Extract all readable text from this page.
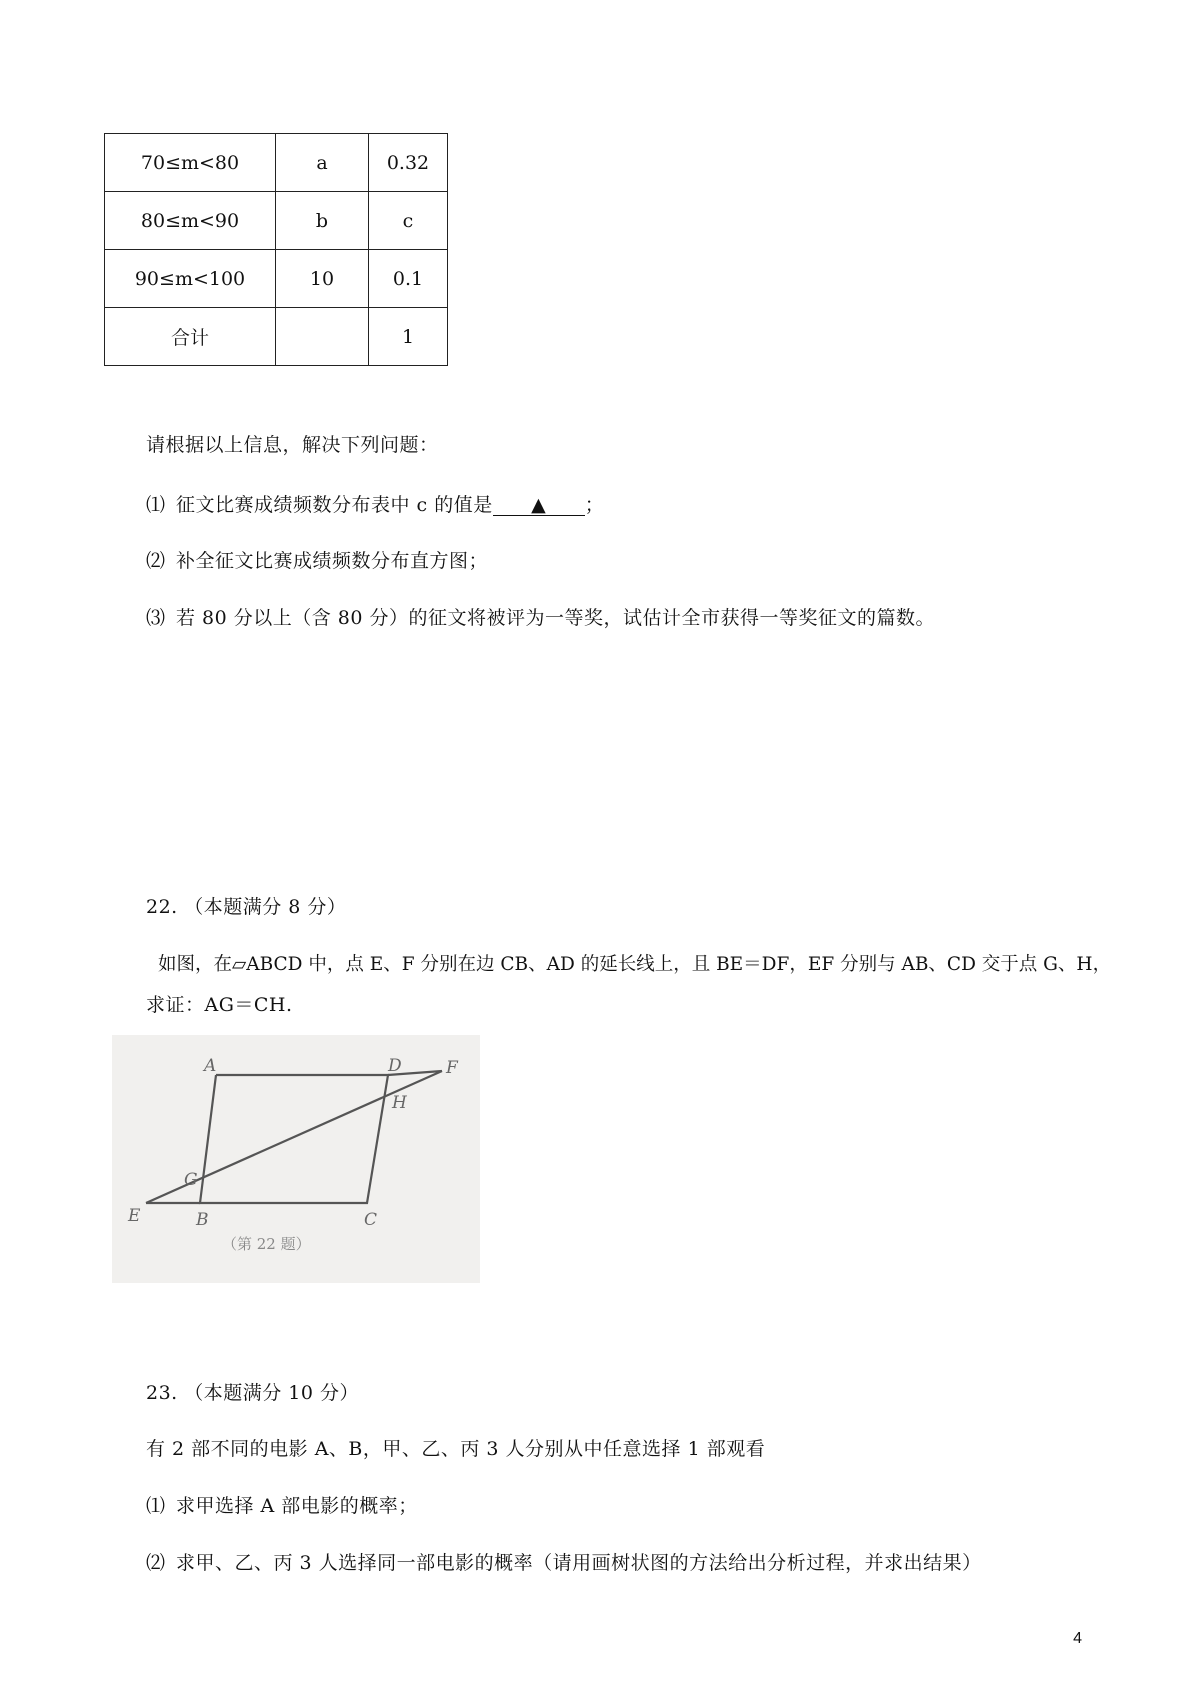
70≤m<80	a	0.32
80≤m<90	b	c
90≤m<100	10	0.1
合计		1
请根据以上信息，解决下列问题：
⑴ 征文比赛成绩频数分布表中 c 的值是 ▲ ；
⑵ 补全征文比赛成绩频数分布直方图；
⑶ 若 80 分以上（含 80 分）的征文将被评为一等奖，试估计全市获得一等奖征文的篇数。
22. （本题满分 8 分）
如图，在▱ABCD 中，点 E、F 分别在边 CB、AD 的延长线上，且 BE＝DF，EF 分别与 AB、CD 交于点 G、H，
求证：AG＝CH.
A	D	F
H
G
E	B	C
（第 22 题）
23. （本题满分 10 分）
有 2 部不同的电影 A、B，甲、乙、丙 3 人分别从中任意选择 1 部观看
⑴ 求甲选择 A 部电影的概率；
⑵ 求甲、乙、丙 3 人选择同一部电影的概率（请用画树状图的方法给出分析过程，并求出结果）
4
